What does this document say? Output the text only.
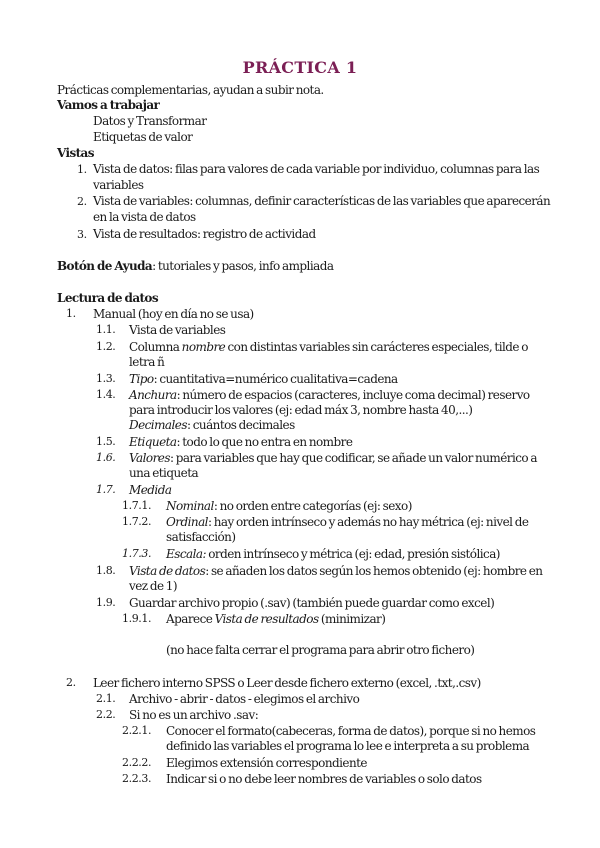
PRÁCTICA 1
Prácticas complementarias, ayudan a subir nota.
Vamos a trabajar
Datos y Transformar
Etiquetas de valor
Vistas
1. Vista de datos: filas para valores de cada variable por individuo, columnas para las
variables
2. Vista de variables: columnas, definir características de las variables que aparecerán
en la vista de datos
3. Vista de resultados: registro de actividad
Botón de Ayuda: tutoriales y pasos, info ampliada
Lectura de datos
1. Manual (hoy en día no se usa)
1.1. Vista de variables
1.2. Columna nombre con distintas variables sin carácteres especiales, tilde o
letra ñ
1.3. Tipo: cuantitativa=numérico cualitativa=cadena
1.4. Anchura: número de espacios (caracteres, incluye coma decimal) reservo
para introducir los valores (ej: edad máx 3, nombre hasta 40,...)
Decimales: cuántos decimales
1.5. Etiqueta: todo lo que no entra en nombre
1.6. Valores: para variables que hay que codificar, se añade un valor numérico a
una etiqueta
1.7. Medida
1.7.1. Nominal: no orden entre categorías (ej: sexo)
1.7.2. Ordinal: hay orden intrínseco y además no hay métrica (ej: nivel de
satisfacción)
1.7.3. Escala: orden intrínseco y métrica (ej: edad, presión sistólica)
1.8. Vista de datos: se añaden los datos según los hemos obtenido (ej: hombre en
vez de 1)
1.9. Guardar archivo propio (.sav) (también puede guardar como excel)
1.9.1. Aparece Vista de resultados (minimizar)
(no hace falta cerrar el programa para abrir otro fichero)
2. Leer fichero interno SPSS o Leer desde fichero externo (excel, .txt,.csv)
2.1. Archivo - abrir - datos - elegimos el archivo
2.2. Si no es un archivo .sav:
2.2.1. Conocer el formato(cabeceras, forma de datos), porque si no hemos
definido las variables el programa lo lee e interpreta a su problema
2.2.2. Elegimos extensión correspondiente
2.2.3. Indicar si o no debe leer nombres de variables o solo datos
